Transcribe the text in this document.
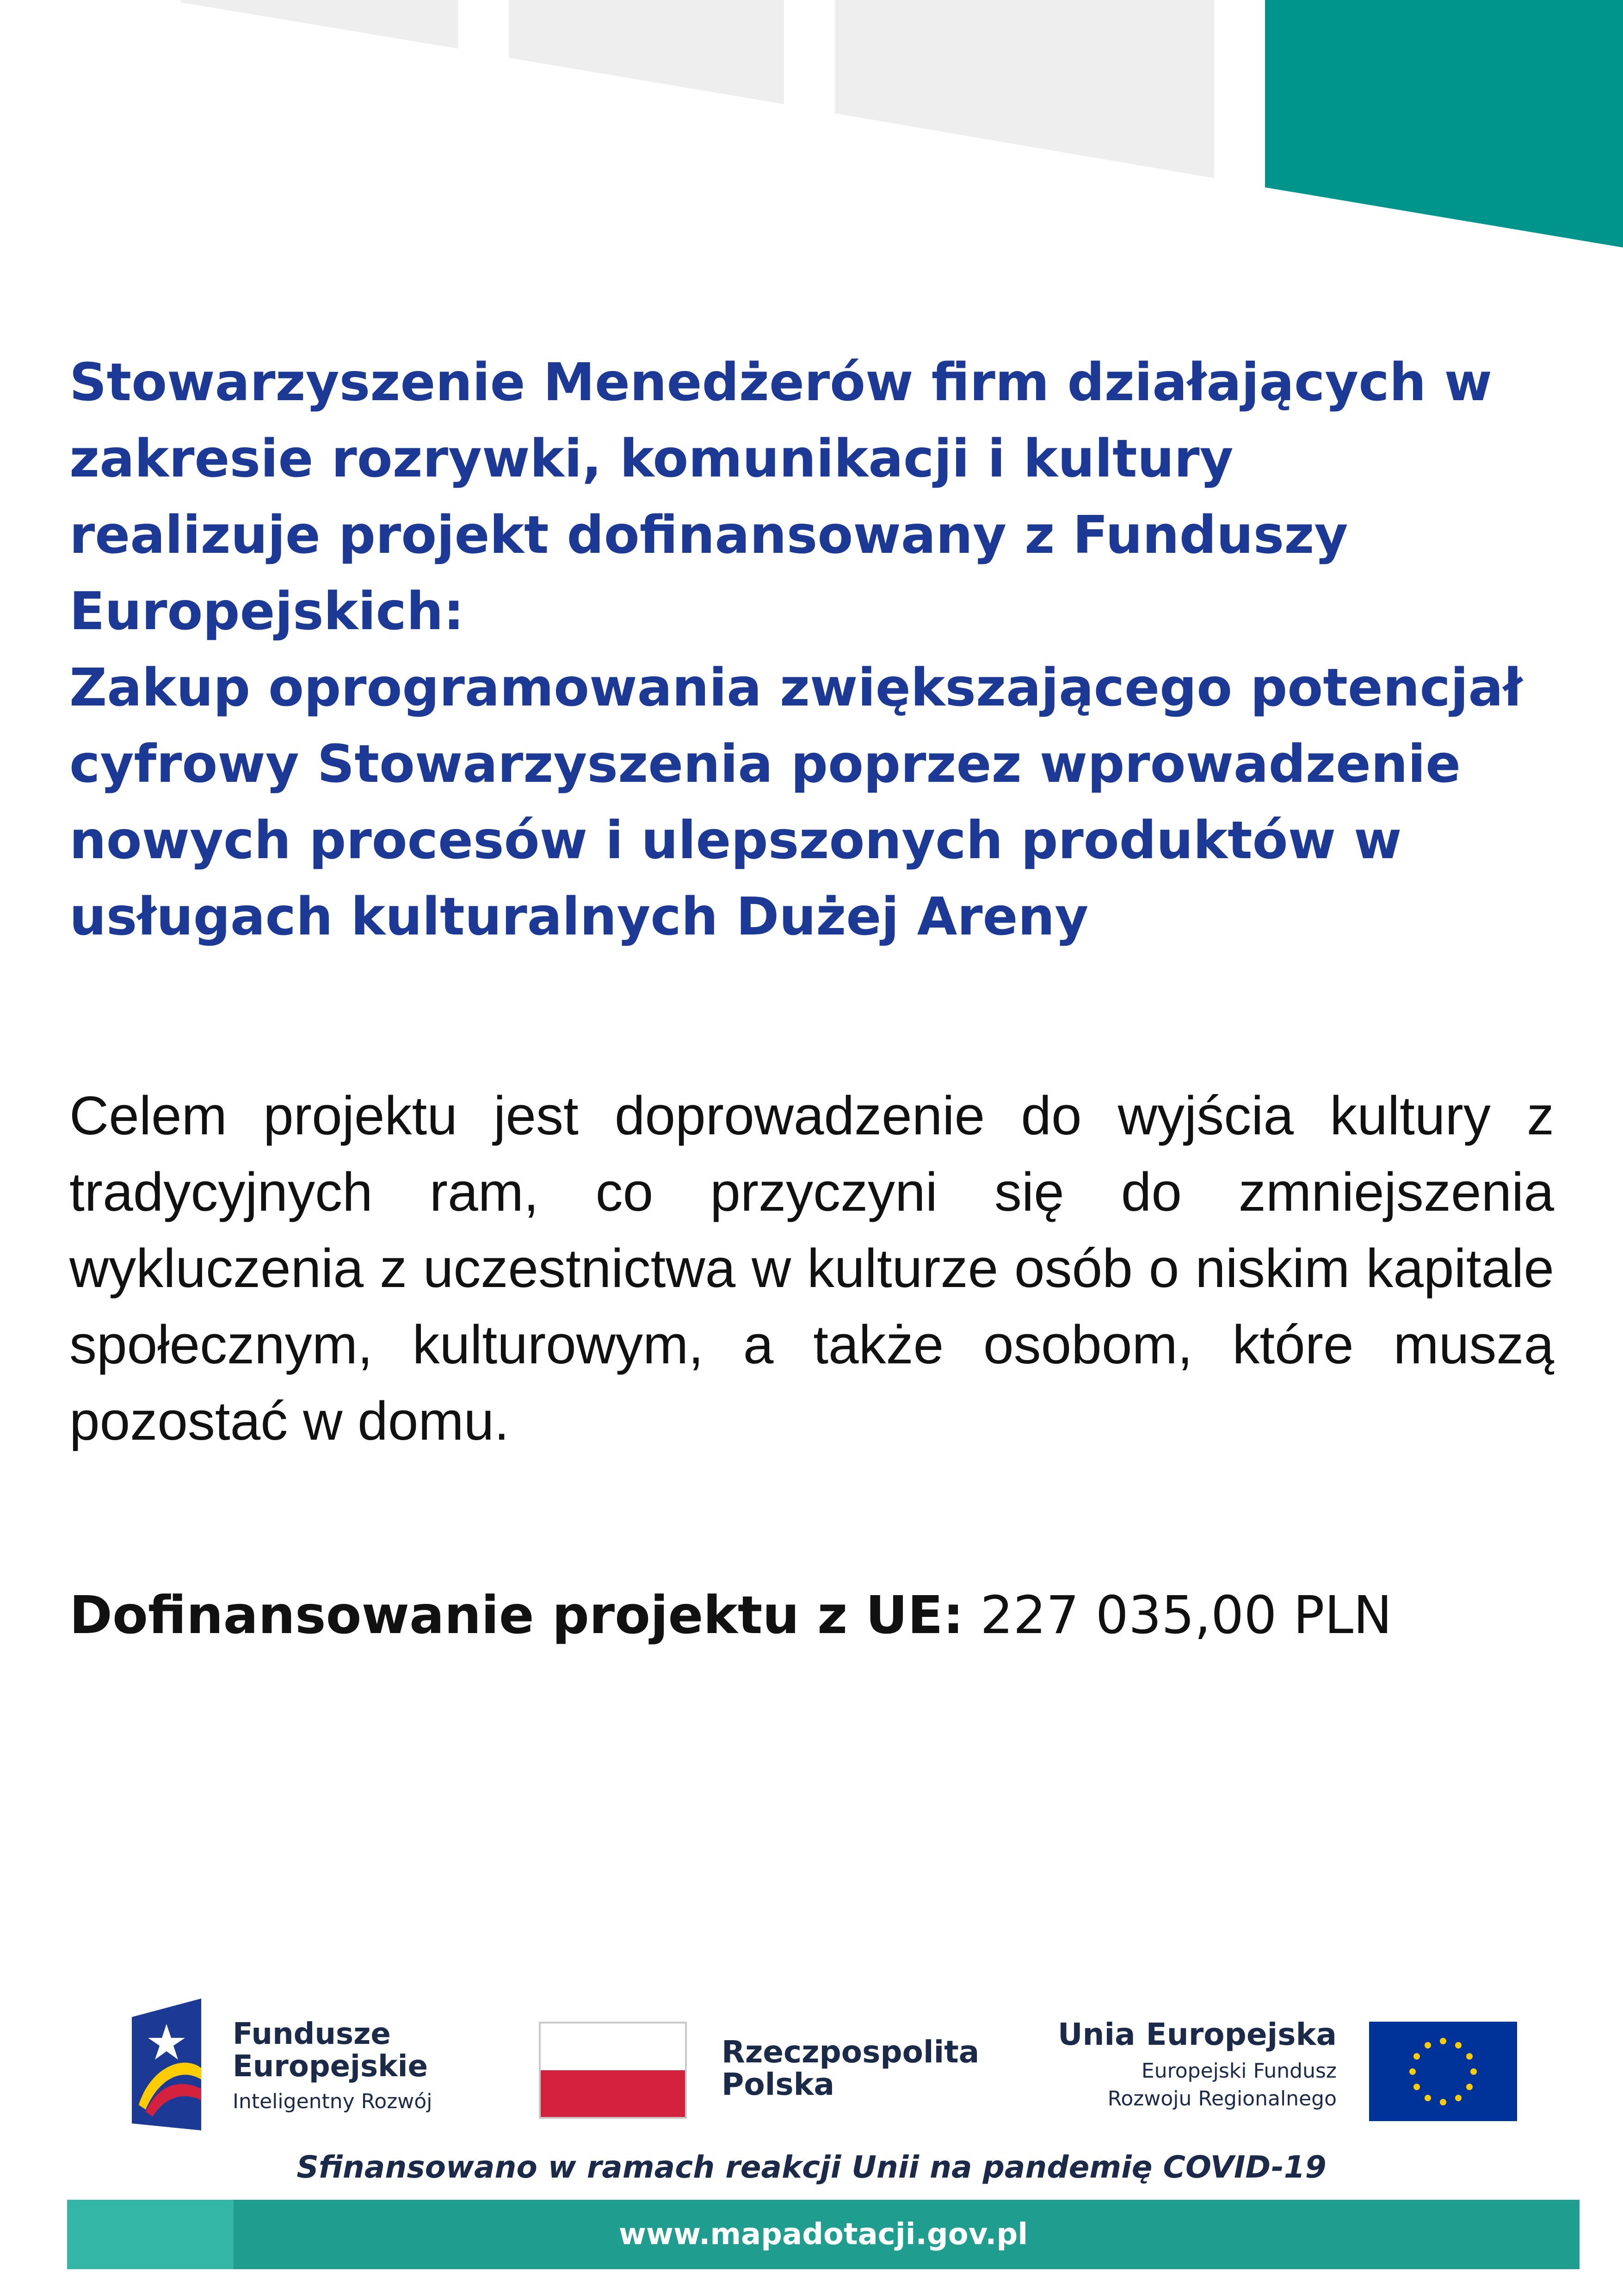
Stowarzyszenie Menedżerów firm działających w
zakresie rozrywki, komunikacji i kultury
realizuje projekt dofinansowany z Funduszy
Europejskich:
Zakup oprogramowania zwiększającego potencjał
cyfrowy Stowarzyszenia poprzez wprowadzenie
nowych procesów i ulepszonych produktów w
usługach kulturalnych Dużej Areny

Celem projektu jest doprowadzenie do wyjścia kultury z tradycyjnych ram, co przyczyni się do zmniejszenia wykluczenia z uczestnictwa w kulturze osób o niskim kapitale społecznym, kulturowym, a także osobom, które muszą pozostać w domu.

Dofinansowanie projektu z UE: 227 035,00 PLN

Fundusze
Europejskie
Inteligentny Rozwój
Rzeczpospolita
Polska
Unia Europejska
Europejski Fundusz
Rozwoju Regionalnego
Sfinansowano w ramach reakcji Unii na pandemię COVID-19
www.mapadotacji.gov.pl
